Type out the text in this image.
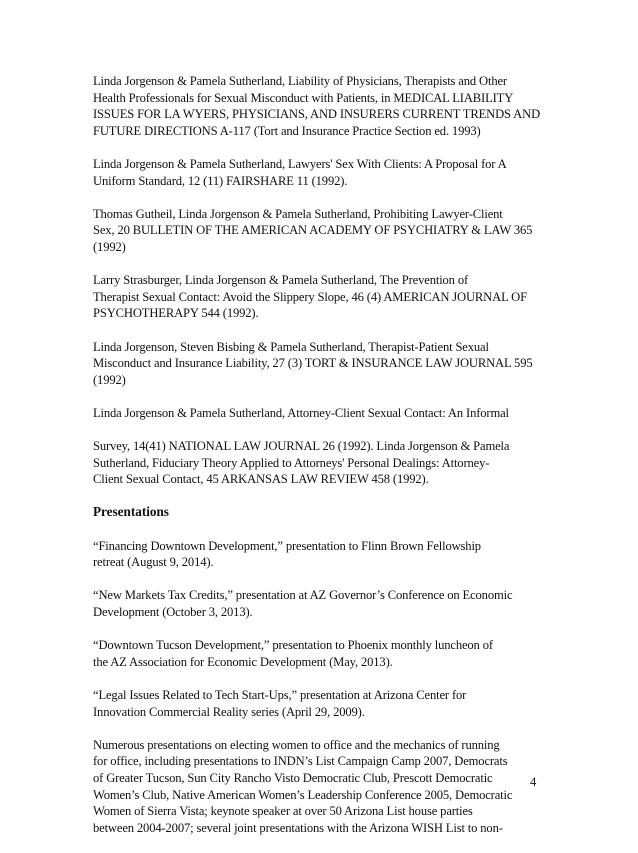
Linda Jorgenson & Pamela Sutherland, Liability of Physicians, Therapists and Other
Health Professionals for Sexual Misconduct with Patients, in MEDICAL LIABILITY
ISSUES FOR LA WYERS, PHYSICIANS, AND INSURERS CURRENT TRENDS AND
FUTURE DIRECTIONS A-117 (Tort and Insurance Practice Section ed. 1993)
Linda Jorgenson & Pamela Sutherland, Lawyers' Sex With Clients: A Proposal for A
Uniform Standard, 12 (11) FAIRSHARE 11 (1992).
Thomas Gutheil, Linda Jorgenson & Pamela Sutherland, Prohibiting Lawyer-Client
Sex, 20 BULLETIN OF THE AMERICAN ACADEMY OF PSYCHIATRY & LAW 365
(1992)
Larry Strasburger, Linda Jorgenson & Pamela Sutherland, The Prevention of
Therapist Sexual Contact: Avoid the Slippery Slope, 46 (4) AMERICAN JOURNAL OF
PSYCHOTHERAPY 544 (1992).
Linda Jorgenson, Steven Bisbing & Pamela Sutherland, Therapist-Patient Sexual
Misconduct and Insurance Liability, 27 (3) TORT & INSURANCE LAW JOURNAL 595
(1992)
Linda Jorgenson & Pamela Sutherland, Attorney-Client Sexual Contact: An Informal
Survey, 14(41) NATIONAL LAW JOURNAL 26 (1992). Linda Jorgenson & Pamela
Sutherland, Fiduciary Theory Applied to Attorneys' Personal Dealings: Attorney-
Client Sexual Contact, 45 ARKANSAS LAW REVIEW 458 (1992).
Presentations
“Financing Downtown Development,” presentation to Flinn Brown Fellowship
retreat (August 9, 2014).
“New Markets Tax Credits,” presentation at AZ Governor’s Conference on Economic
Development (October 3, 2013).
“Downtown Tucson Development,” presentation to Phoenix monthly luncheon of
the AZ Association for Economic Development (May, 2013).
“Legal Issues Related to Tech Start-Ups,” presentation at Arizona Center for
Innovation Commercial Reality series (April 29, 2009).
Numerous presentations on electing women to office and the mechanics of running
for office, including presentations to INDN’s List Campaign Camp 2007, Democrats
of Greater Tucson, Sun City Rancho Visto Democratic Club, Prescott Democratic
Women’s Club, Native American Women’s Leadership Conference 2005, Democratic
Women of Sierra Vista; keynote speaker at over 50 Arizona List house parties
between 2004-2007; several joint presentations with the Arizona WISH List to non-
4
